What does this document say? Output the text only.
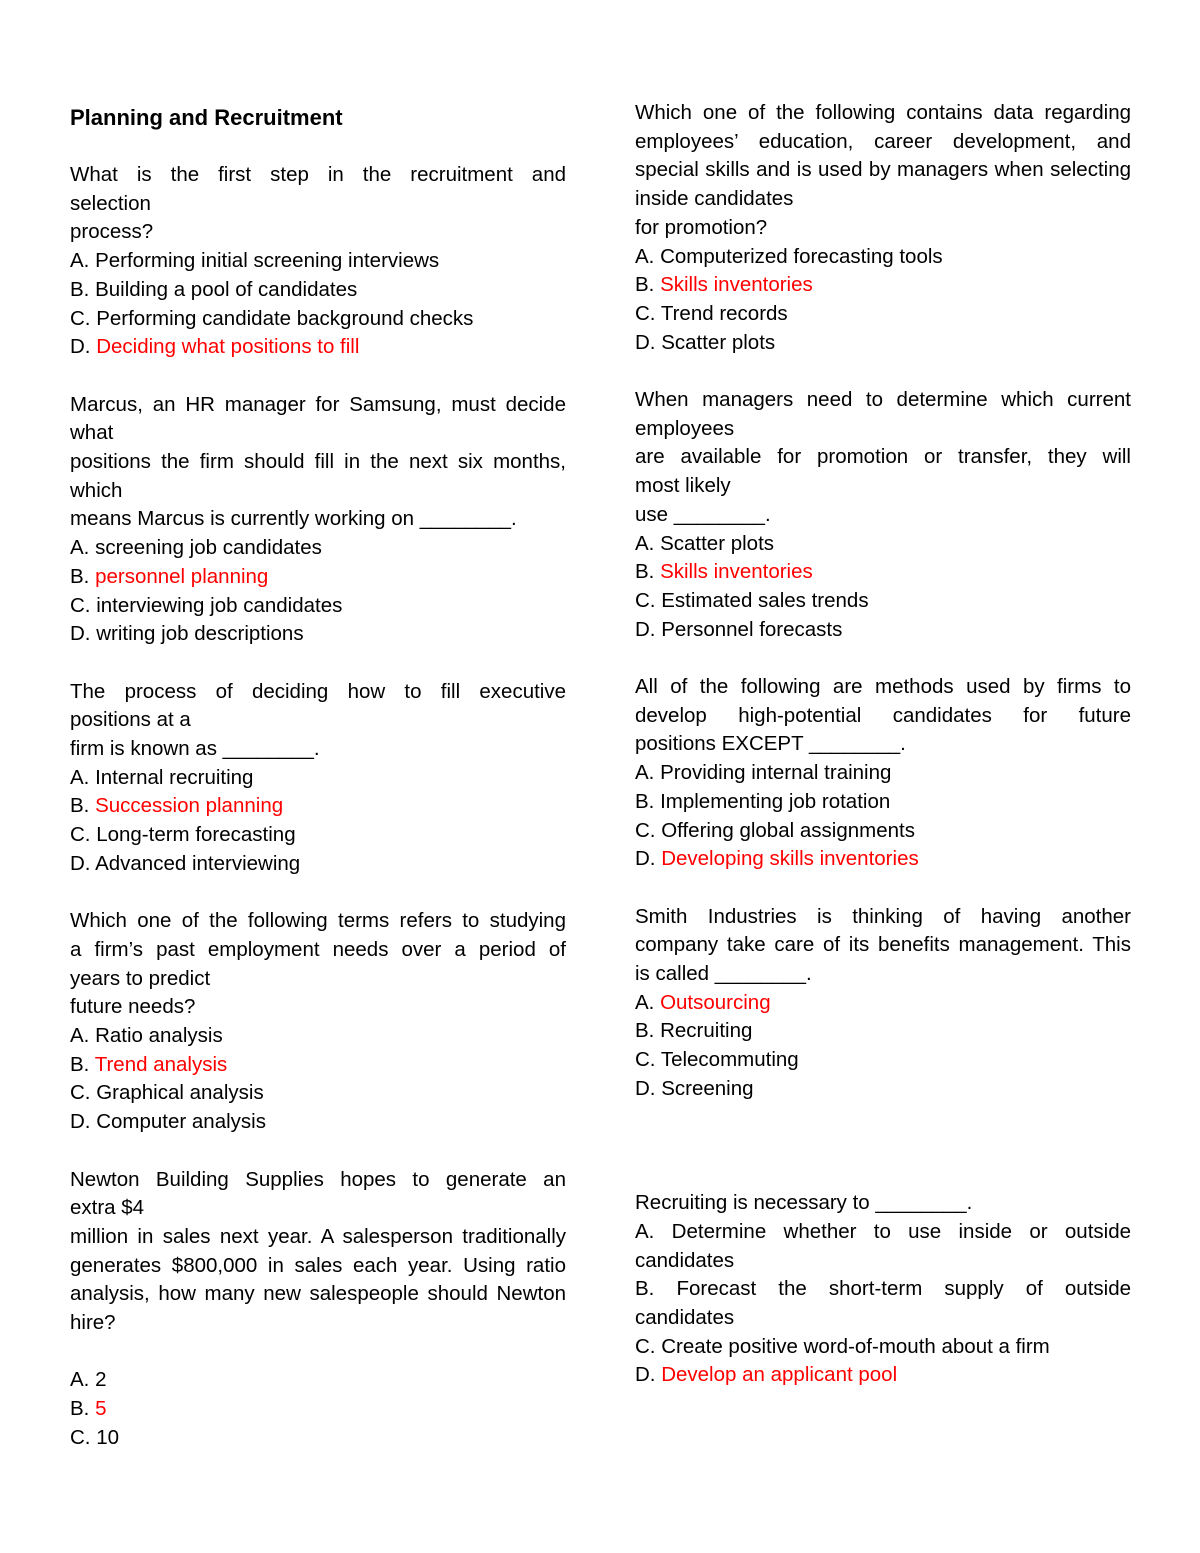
Planning and Recruitment

What is the first step in the recruitment and

selection

process?

A. Performing initial screening interviews

B. Building a pool of candidates

C. Performing candidate background checks

D. Deciding what positions to fill

Marcus, an HR manager for Samsung, must decide

what

positions the firm should fill in the next six months,

which

means Marcus is currently working on ________.

A. screening job candidates

B. personnel planning

C. interviewing job candidates

D. writing job descriptions

The process of deciding how to fill executive

positions at a

firm is known as ________.

A. Internal recruiting

B. Succession planning

C. Long-term forecasting

D. Advanced interviewing

Which one of the following terms refers to studying

a firm’s past employment needs over a period of

years to predict

future needs?

A. Ratio analysis

B. Trend analysis

C. Graphical analysis

D. Computer analysis

Newton Building Supplies hopes to generate an

extra $4

million in sales next year. A salesperson traditionally

generates $800,000 in sales each year. Using ratio

analysis, how many new salespeople should Newton

hire?

A. 2

B. 5

C. 10

Which one of the following contains data regarding

employees’ education, career development, and

special skills and is used by managers when selecting

inside candidates

for promotion?

A. Computerized forecasting tools

B. Skills inventories

C. Trend records

D. Scatter plots

When managers need to determine which current

employees

are available for promotion or transfer, they will

most likely

use ________.

A. Scatter plots

B. Skills inventories

C. Estimated sales trends

D. Personnel forecasts

All of the following are methods used by firms to

develop high-potential candidates for future

positions EXCEPT ________.

A. Providing internal training

B. Implementing job rotation

C. Offering global assignments

D. Developing skills inventories

Smith Industries is thinking of having another

company take care of its benefits management. This

is called ________.

A. Outsourcing

B. Recruiting

C. Telecommuting

D. Screening

Recruiting is necessary to ________.

A. Determine whether to use inside or outside

candidates

B. Forecast the short-term supply of outside

candidates

C. Create positive word-of-mouth about a firm

D. Develop an applicant pool
